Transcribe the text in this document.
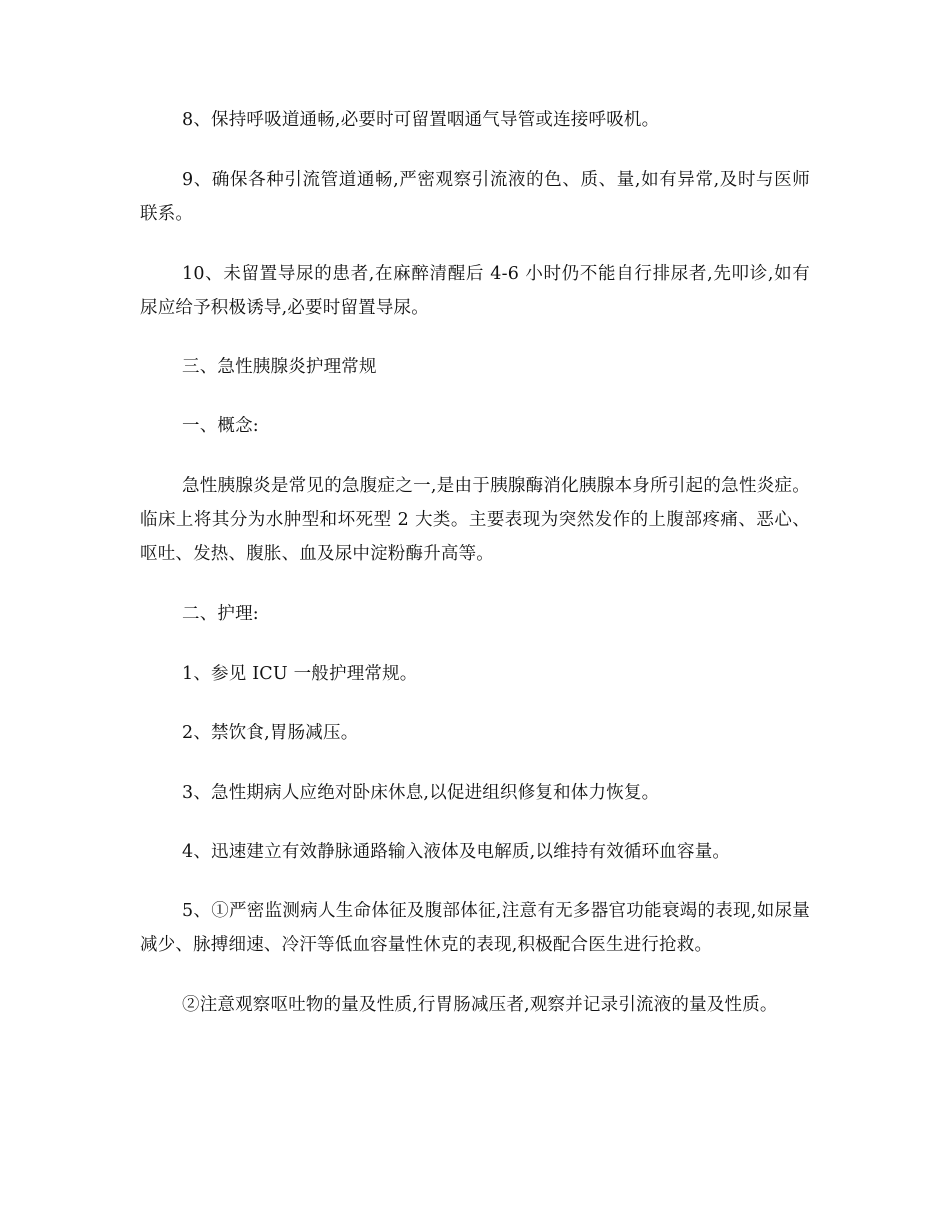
8、保持呼吸道通畅,必要时可留置咽通气导管或连接呼吸机。

9、确保各种引流管道通畅,严密观察引流液的色、质、量,如有异常,及时与医师联系。

10、未留置导尿的患者,在麻醉清醒后 4-6 小时仍不能自行排尿者,先叩诊,如有尿应给予积极诱导,必要时留置导尿。

三、急性胰腺炎护理常规

一、概念:

急性胰腺炎是常见的急腹症之一,是由于胰腺酶消化胰腺本身所引起的急性炎症。临床上将其分为水肿型和坏死型 2 大类。主要表现为突然发作的上腹部疼痛、恶心、呕吐、发热、腹胀、血及尿中淀粉酶升高等。

二、护理:

1、参见 ICU 一般护理常规。

2、禁饮食,胃肠减压。

3、急性期病人应绝对卧床休息,以促进组织修复和体力恢复。

4、迅速建立有效静脉通路输入液体及电解质,以维持有效循环血容量。

5、①严密监测病人生命体征及腹部体征,注意有无多器官功能衰竭的表现,如尿量减少、脉搏细速、冷汗等低血容量性休克的表现,积极配合医生进行抢救。

②注意观察呕吐物的量及性质,行胃肠减压者,观察并记录引流液的量及性质。
